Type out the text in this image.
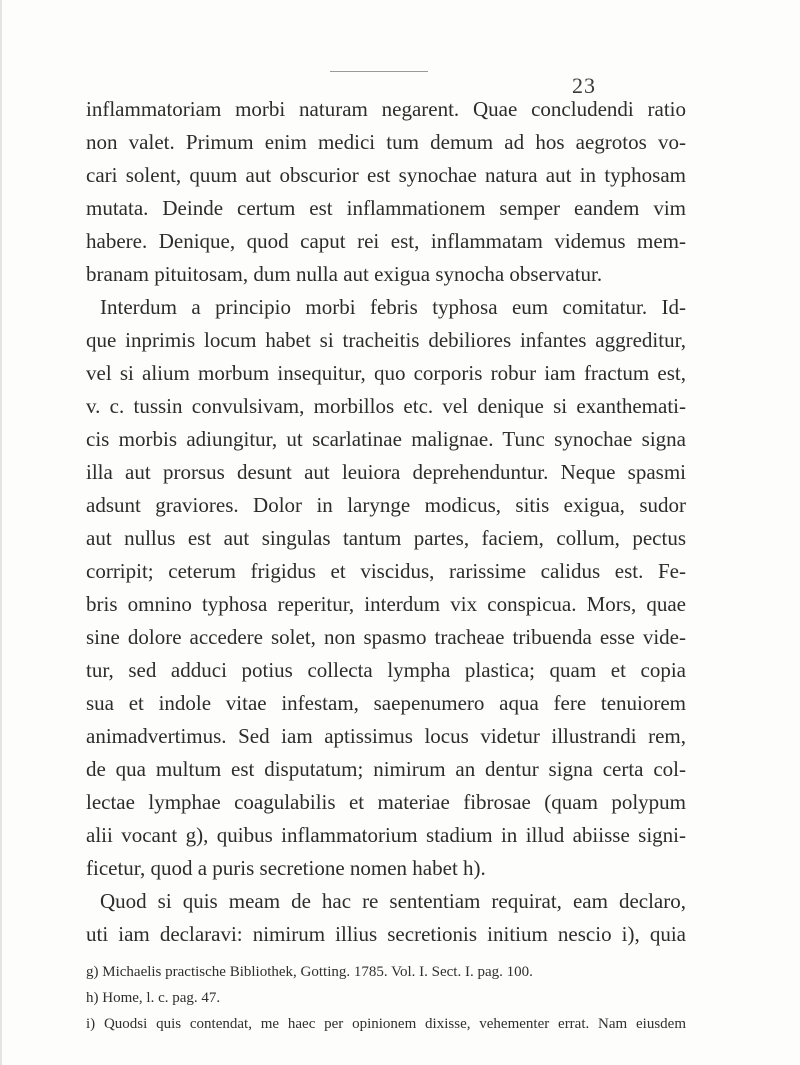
23
inflammatoriam morbi naturam negarent. Quae concludendi ratio
non valet. Primum enim medici tum demum ad hos aegrotos vo-
cari solent, quum aut obscurior est synochae natura aut in typhosam
mutata. Deinde certum est inflammationem semper eandem vim
habere. Denique, quod caput rei est, inflammatam videmus mem-
branam pituitosam, dum nulla aut exigua synocha observatur.
Interdum a principio morbi febris typhosa eum comitatur. Id-
que inprimis locum habet si tracheitis debiliores infantes aggreditur,
vel si alium morbum insequitur, quo corporis robur iam fractum est,
v. c. tussin convulsivam, morbillos etc. vel denique si exanthemati-
cis morbis adiungitur, ut scarlatinae malignae. Tunc synochae signa
illa aut prorsus desunt aut leuiora deprehenduntur. Neque spasmi
adsunt graviores. Dolor in larynge modicus, sitis exigua, sudor
aut nullus est aut singulas tantum partes, faciem, collum, pectus
corripit; ceterum frigidus et viscidus, rarissime calidus est. Fe-
bris omnino typhosa reperitur, interdum vix conspicua. Mors, quae
sine dolore accedere solet, non spasmo tracheae tribuenda esse vide-
tur, sed adduci potius collecta lympha plastica; quam et copia
sua et indole vitae infestam, saepenumero aqua fere tenuiorem
animadvertimus. Sed iam aptissimus locus videtur illustrandi rem,
de qua multum est disputatum; nimirum an dentur signa certa col-
lectae lymphae coagulabilis et materiae fibrosae (quam polypum
alii vocant g), quibus inflammatorium stadium in illud abiisse signi-
ficetur, quod a puris secretione nomen habet h).
Quod si quis meam de hac re sententiam requirat, eam declaro,
uti iam declaravi: nimirum illius secretionis initium nescio i), quia
g) Michaelis practische Bibliothek, Gotting. 1785. Vol. I. Sect. I. pag. 100.
h) Home, l. c. pag. 47.
i) Quodsi quis contendat, me haec per opinionem dixisse, vehementer errat. Nam eiusdem
